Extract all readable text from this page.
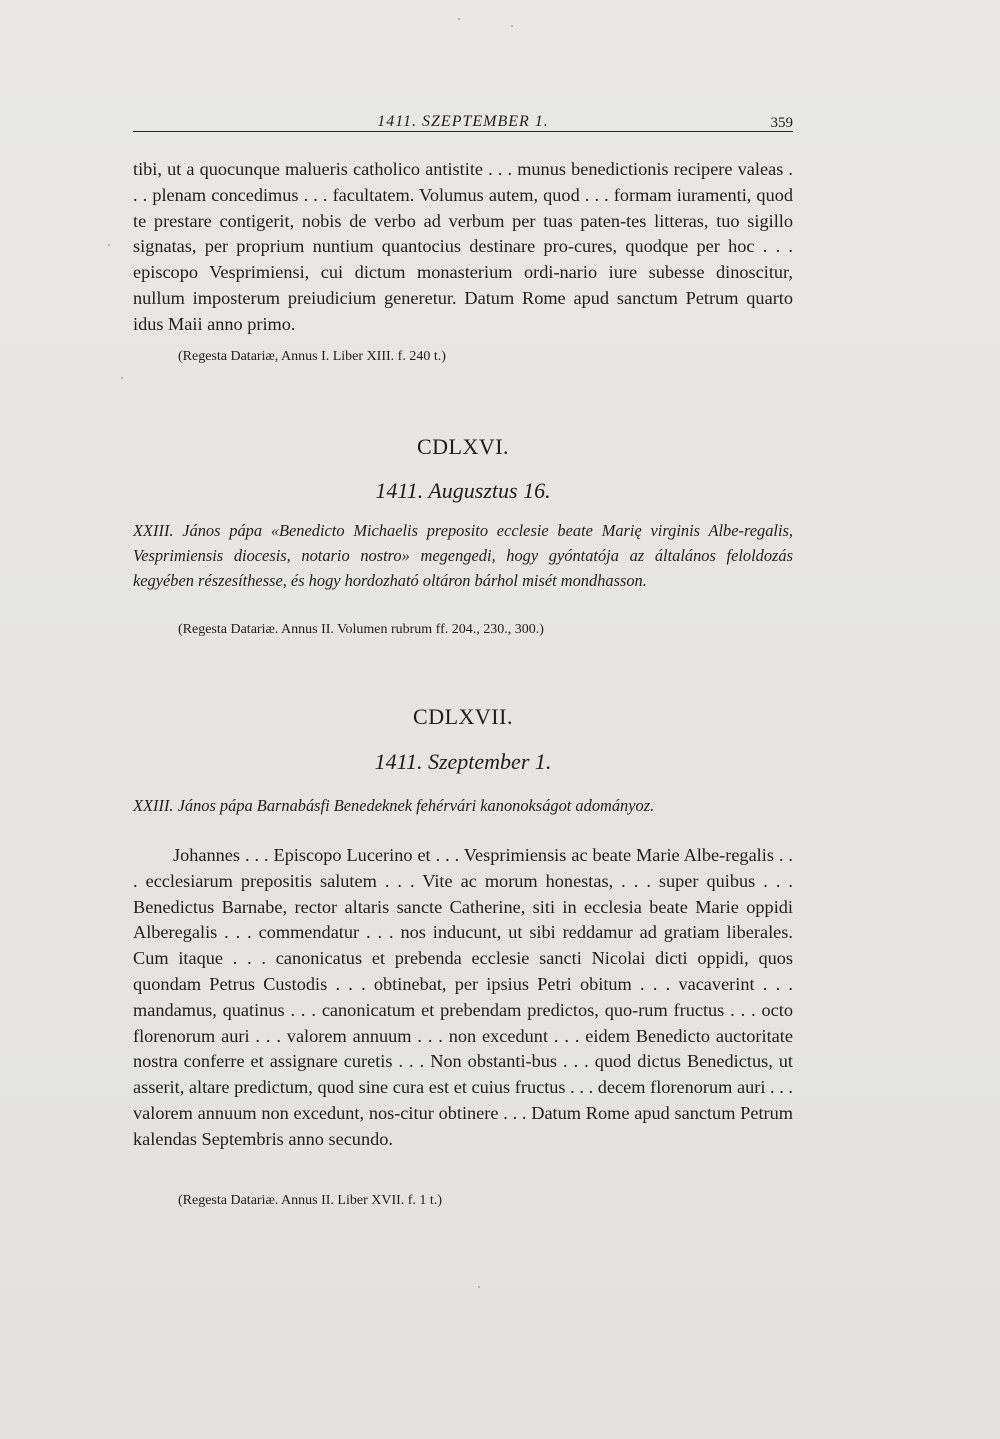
1411. SZEPTEMBER 1.	359

tibi, ut a quocunque malueris catholico antistite . . . munus benedictionis recipere valeas . . . plenam concedimus . . . facultatem. Volumus autem, quod . . . formam iuramenti, quod te prestare contigerit, nobis de verbo ad verbum per tuas paten-tes litteras, tuo sigillo signatas, per proprium nuntium quantocius destinare pro-cures, quodque per hoc . . . episcopo Vesprimiensi, cui dictum monasterium ordi-nario iure subesse dinoscitur, nullum imposterum preiudicium generetur. Datum Rome apud sanctum Petrum quarto idus Maii anno primo.

(Regesta Datariæ, Annus I. Liber XIII. f. 240 t.)

CDLXVI.
1411. Augusztus 16.

XXIII. János pápa «Benedicto Michaelis preposito ecclesie beate Marię virginis Albe-regalis, Vesprimiensis diocesis, notario nostro» megengedi, hogy gyóntatója az általános feloldozás kegyében részesíthesse, és hogy hordozható oltáron bárhol misét mondhasson.

(Regesta Datariæ. Annus II. Volumen rubrum ff. 204., 230., 300.)

CDLXVII.
1411. Szeptember 1.

XXIII. János pápa Barnabásfi Benedeknek fehérvári kanonokságot adományoz.

Johannes . . . Episcopo Lucerino et . . . Vesprimiensis ac beate Marie Albe-regalis . . . ecclesiarum prepositis salutem . . . Vite ac morum honestas, . . . super quibus . . . Benedictus Barnabe, rector altaris sancte Catherine, siti in ecclesia beate Marie oppidi Alberegalis . . . commendatur . . . nos inducunt, ut sibi reddamur ad gratiam liberales. Cum itaque . . . canonicatus et prebenda ecclesie sancti Nicolai dicti oppidi, quos quondam Petrus Custodis . . . obtinebat, per ipsius Petri obitum . . . vacaverint . . . mandamus, quatinus . . . canonicatum et prebendam predictos, quo-rum fructus . . . octo florenorum auri . . . valorem annuum . . . non excedunt . . . eidem Benedicto auctoritate nostra conferre et assignare curetis . . . Non obstanti-bus . . . quod dictus Benedictus, ut asserit, altare predictum, quod sine cura est et cuius fructus . . . decem florenorum auri . . . valorem annuum non excedunt, nos-citur obtinere . . . Datum Rome apud sanctum Petrum kalendas Septembris anno secundo.

(Regesta Datariæ. Annus II. Liber XVII. f. 1 t.)
